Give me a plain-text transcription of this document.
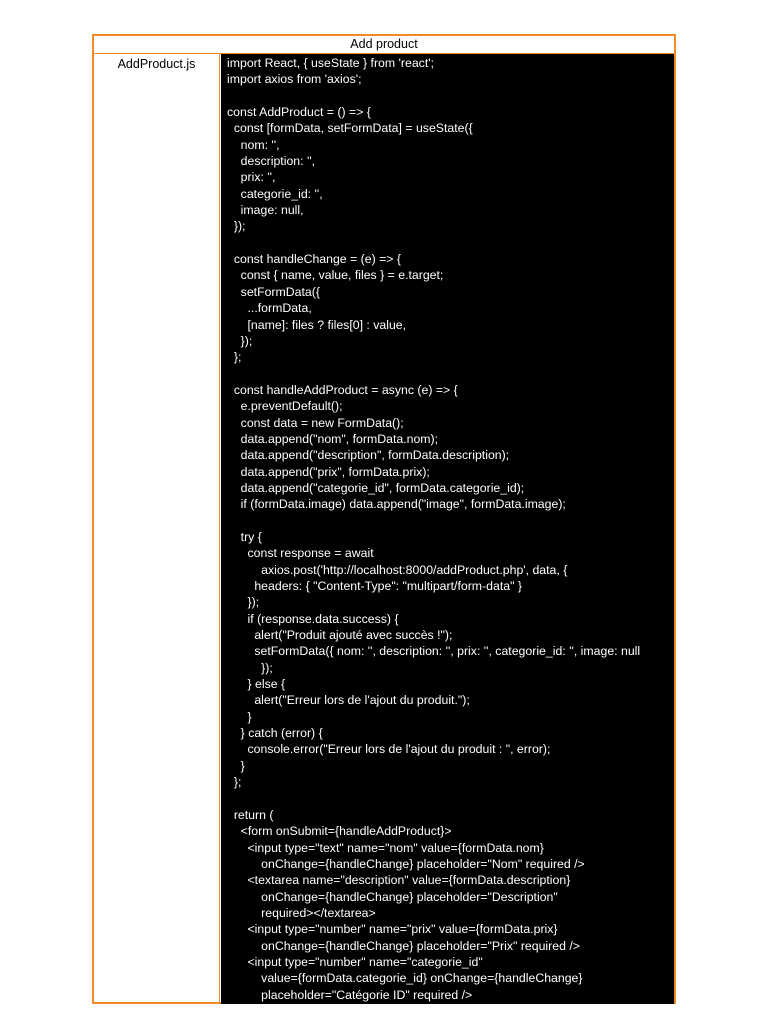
Add product
AddProduct.js	import React, { useState } from 'react';
import axios from 'axios';

const AddProduct = () => {
const [formData, setFormData] = useState({
nom: '',
description: '',
prix: '',
categorie_id: '',
image: null,
});

const handleChange = (e) => {
const { name, value, files } = e.target;
setFormData({
...formData,
[name]: files ? files[0] : value,
});
};

const handleAddProduct = async (e) => {
e.preventDefault();
const data = new FormData();
data.append("nom", formData.nom);
data.append("description", formData.description);
data.append("prix", formData.prix);
data.append("categorie_id", formData.categorie_id);
if (formData.image) data.append("image", formData.image);

try {
const response = await
axios.post('http://localhost:8000/addProduct.php', data, {
headers: { "Content-Type": "multipart/form-data" }
});
if (response.data.success) {
alert("Produit ajouté avec succès !");
setFormData({ nom: '', description: '', prix: '', categorie_id: '', image: null
});
} else {
alert("Erreur lors de l'ajout du produit.");
}
} catch (error) {
console.error("Erreur lors de l'ajout du produit : ", error);
}
};

return (
<form onSubmit={handleAddProduct}>
<input type="text" name="nom" value={formData.nom}
onChange={handleChange} placeholder="Nom" required />
<textarea name="description" value={formData.description}
onChange={handleChange} placeholder="Description"
required></textarea>
<input type="number" name="prix" value={formData.prix}
onChange={handleChange} placeholder="Prix" required />
<input type="number" name="categorie_id"
value={formData.categorie_id} onChange={handleChange}
placeholder="Catégorie ID" required />
